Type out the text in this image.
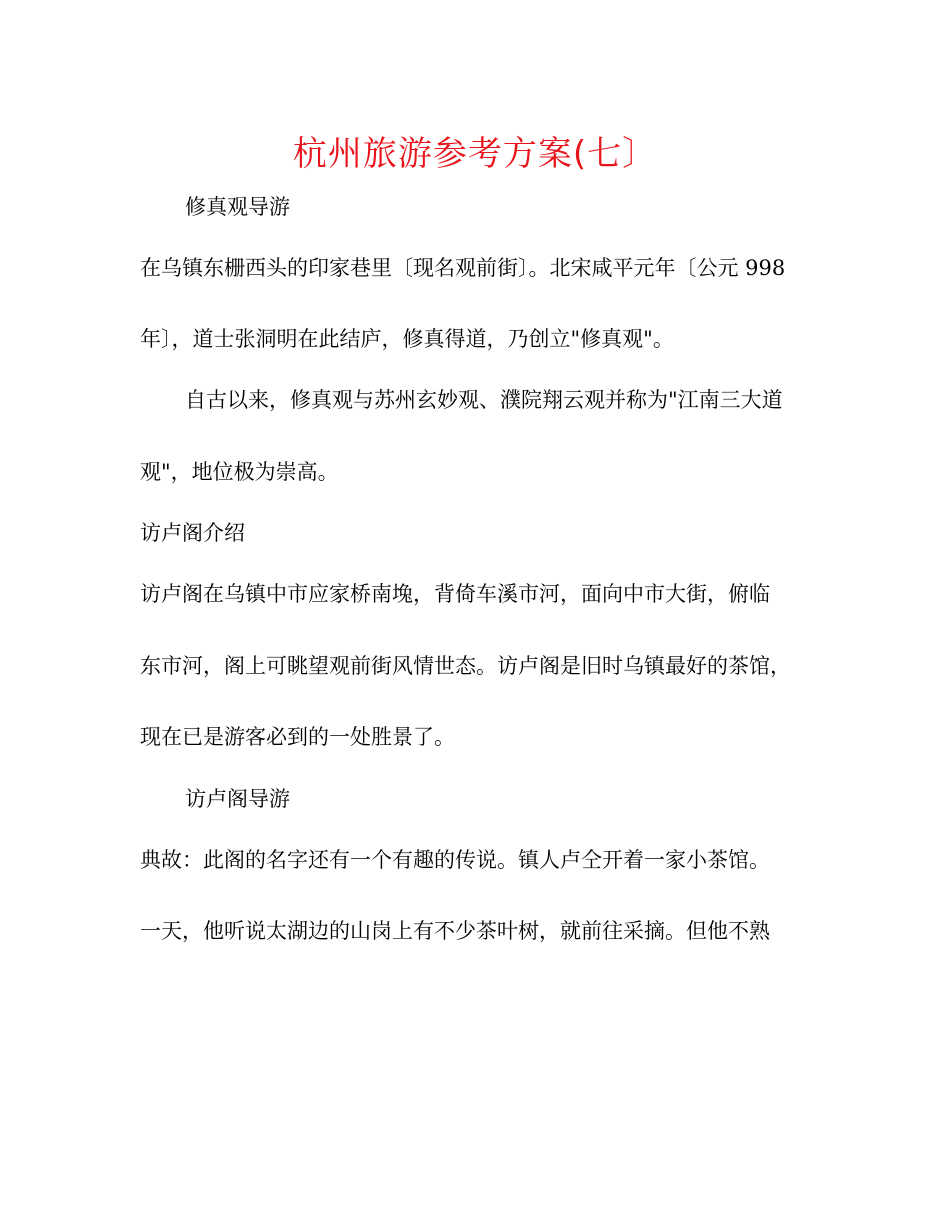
杭州旅游参考方案(七〕

修真观导游

在乌镇东栅西头的印家巷里〔现名观前街〕。北宋咸平元年〔公元 998

年〕，道士张洞明在此结庐，修真得道，乃创立"修真观"。

自古以来，修真观与苏州玄妙观、濮院翔云观并称为"江南三大道

观"，地位极为崇高。

访卢阁介绍

访卢阁在乌镇中市应家桥南堍，背倚车溪市河，面向中市大街，俯临

东市河，阁上可眺望观前街风情世态。访卢阁是旧时乌镇最好的茶馆，

现在已是游客必到的一处胜景了。

访卢阁导游

典故：此阁的名字还有一个有趣的传说。镇人卢仝开着一家小茶馆。

一天，他听说太湖边的山岗上有不少茶叶树，就前往采摘。但他不熟
